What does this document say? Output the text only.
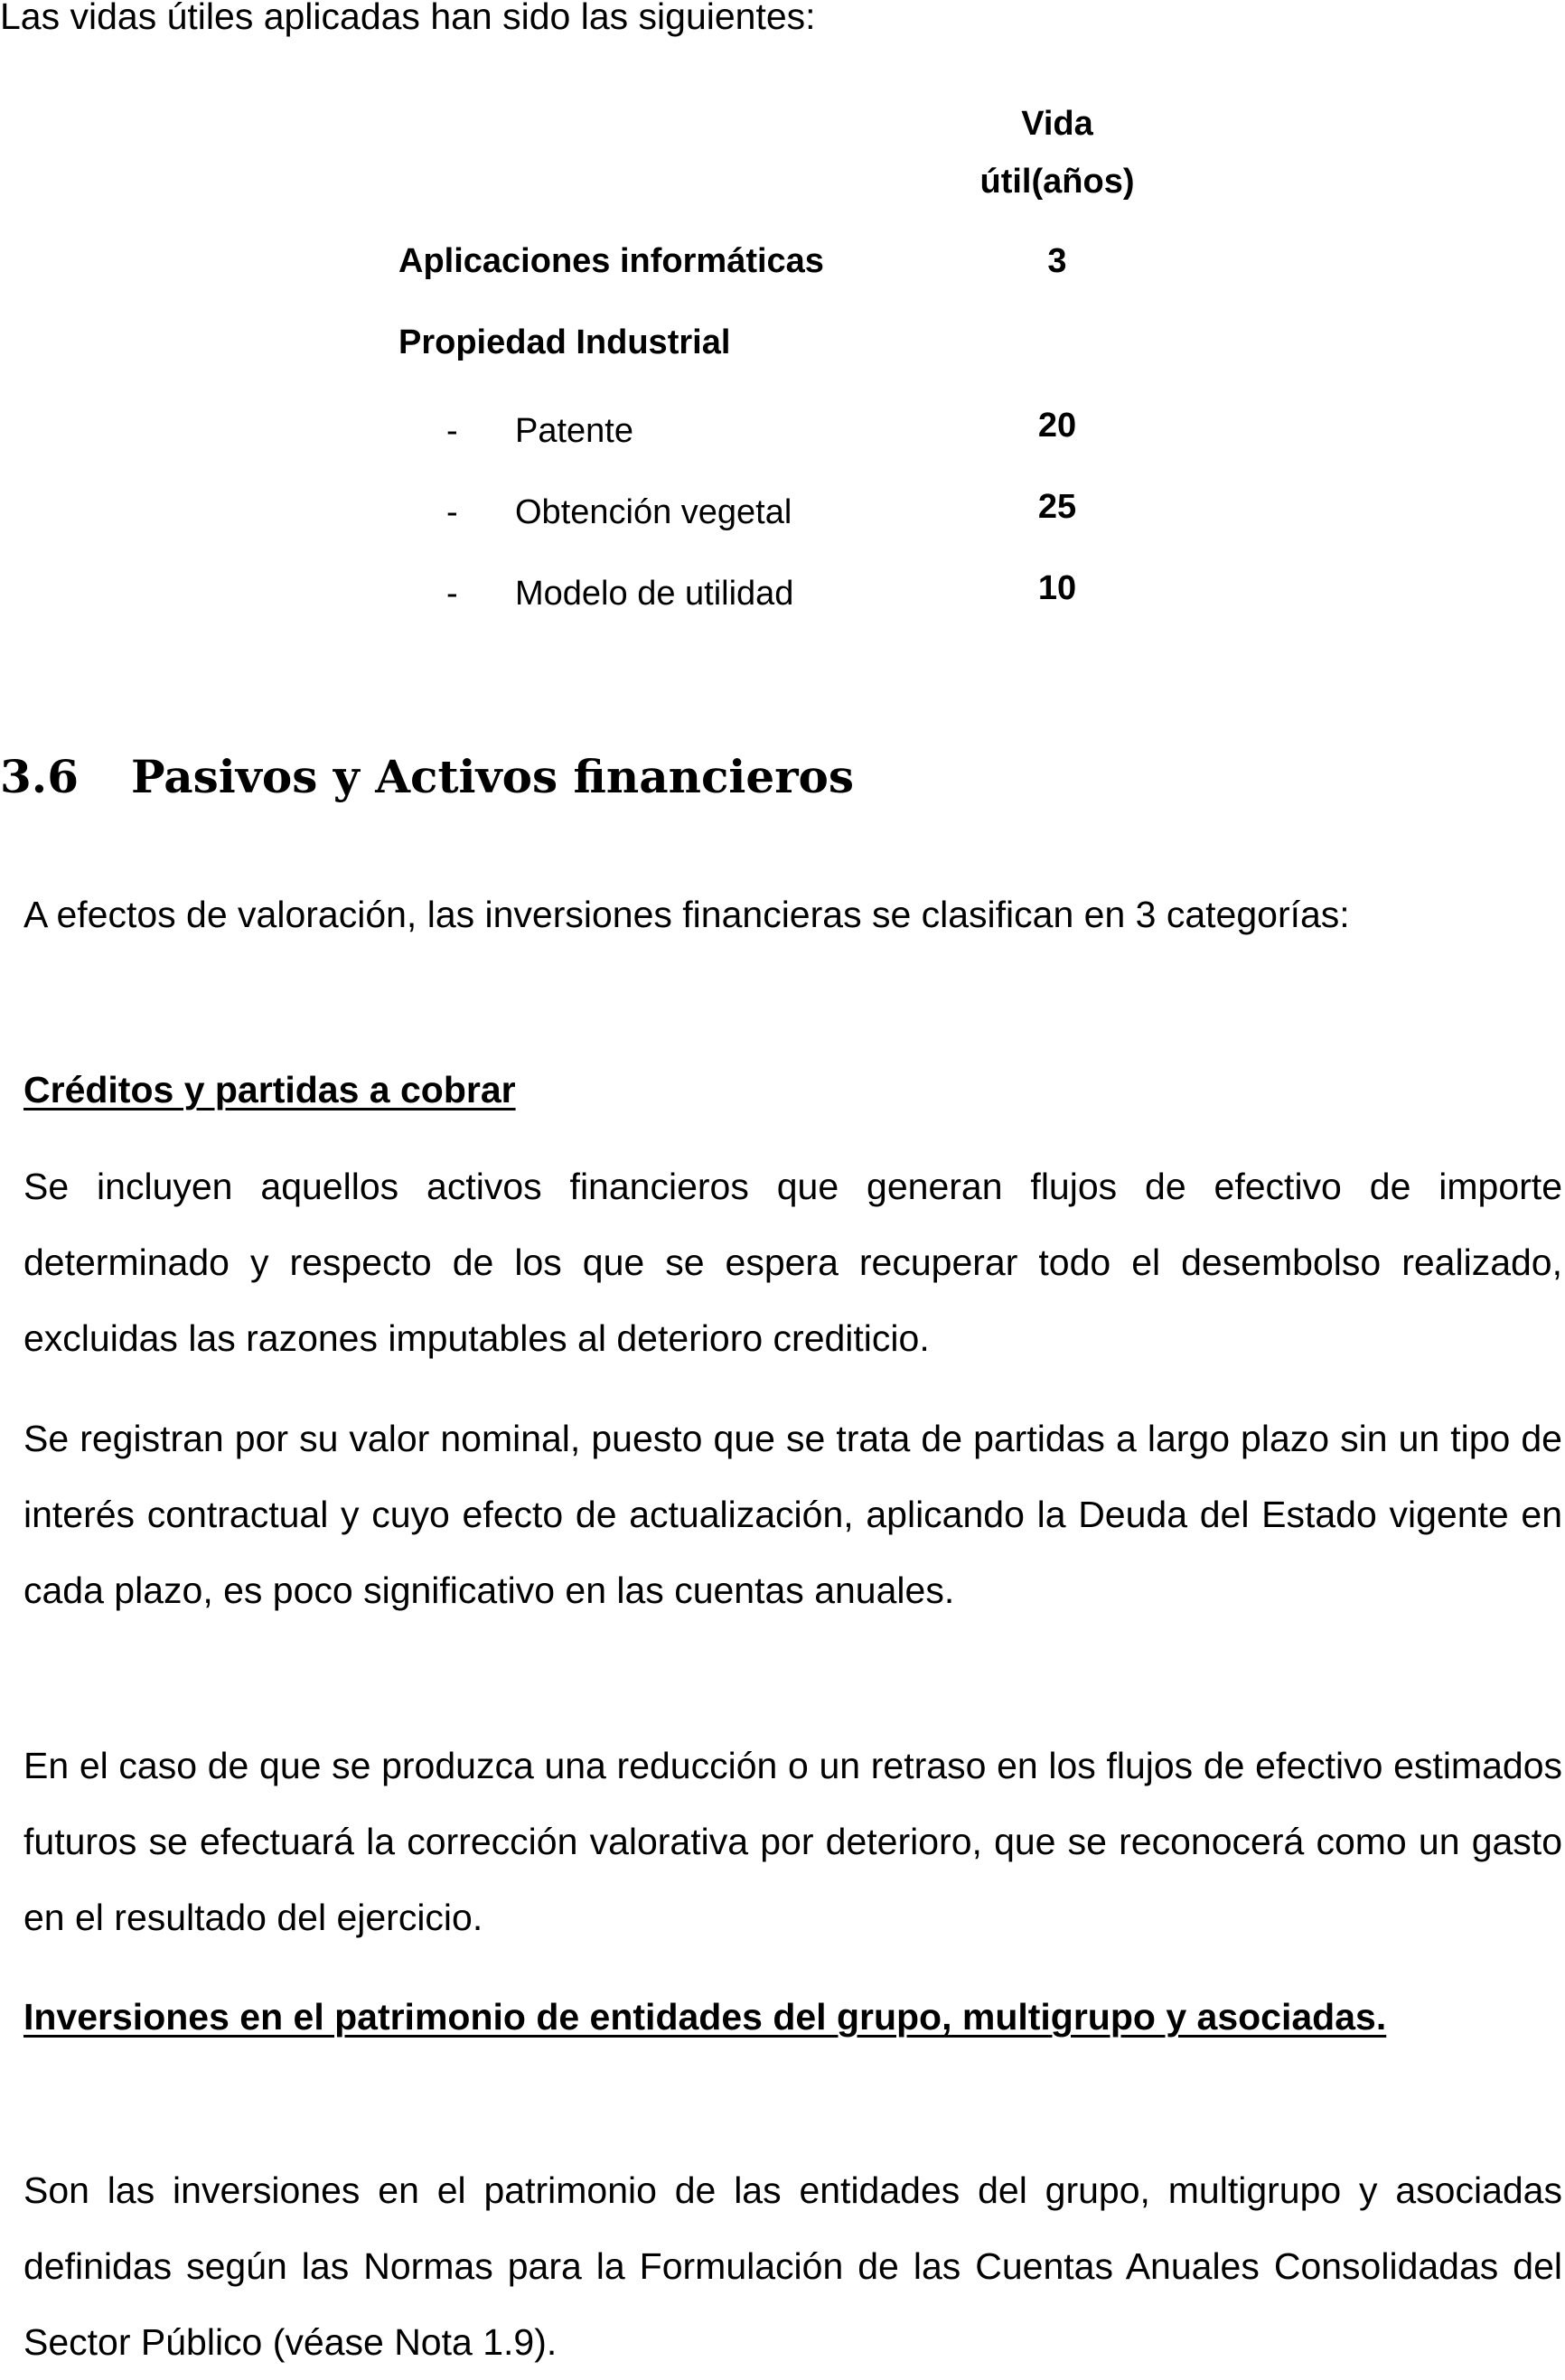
Las vidas útiles aplicadas han sido las siguientes:
Vida
útil(años)
Aplicaciones informáticas	3
Propiedad Industrial
- Patente	20
- Obtención vegetal	25
- Modelo de utilidad	10
3.6 Pasivos y Activos financieros
A efectos de valoración, las inversiones financieras se clasifican en 3 categorías:
Créditos y partidas a cobrar
Se incluyen aquellos activos financieros que generan flujos de efectivo de importe determinado y respecto de los que se espera recuperar todo el desembolso realizado, excluidas las razones imputables al deterioro crediticio.
Se registran por su valor nominal, puesto que se trata de partidas a largo plazo sin un tipo de interés contractual y cuyo efecto de actualización, aplicando la Deuda del Estado vigente en cada plazo, es poco significativo en las cuentas anuales.
En el caso de que se produzca una reducción o un retraso en los flujos de efectivo estimados futuros se efectuará la corrección valorativa por deterioro, que se reconocerá como un gasto en el resultado del ejercicio.
Inversiones en el patrimonio de entidades del grupo, multigrupo y asociadas.
Son las inversiones en el patrimonio de las entidades del grupo, multigrupo y asociadas definidas según las Normas para la Formulación de las Cuentas Anuales Consolidadas del Sector Público (véase Nota 1.9).
